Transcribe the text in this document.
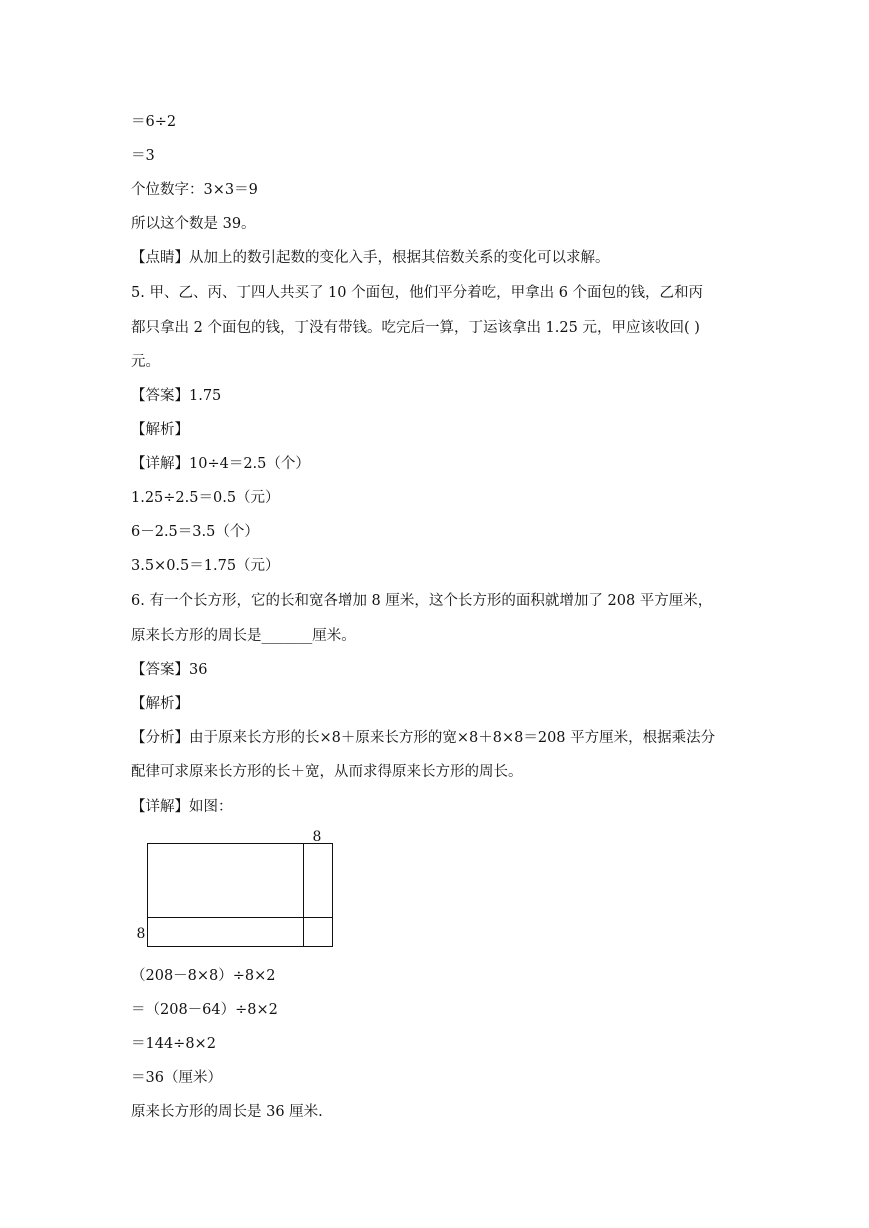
＝6÷2
＝3
个位数字：3×3＝9
所以这个数是 39。
【点睛】从加上的数引起数的变化入手，根据其倍数关系的变化可以求解。
5. 甲、乙、丙、丁四人共买了 10 个面包，他们平分着吃，甲拿出 6 个面包的钱，乙和丙
都只拿出 2 个面包的钱，丁没有带钱。吃完后一算，丁运该拿出 1.25 元，甲应该收回( )
元。
【答案】1.75
【解析】
【详解】10÷4＝2.5（个）
1.25÷2.5＝0.5（元）
6－2.5＝3.5（个）
3.5×0.5＝1.75（元）
6. 有一个长方形，它的长和宽各增加 8 厘米，这个长方形的面积就增加了 208 平方厘米，
原来长方形的周长是_______厘米。
【答案】36
【解析】
【分析】由于原来长方形的长×8＋原来长方形的宽×8＋8×8＝208 平方厘米，根据乘法分
配律可求原来长方形的长＋宽，从而求得原来长方形的周长。
【详解】如图：
8
8
（208－8×8）÷8×2
＝（208－64）÷8×2
＝144÷8×2
＝36（厘米）
原来长方形的周长是 36 厘米.
